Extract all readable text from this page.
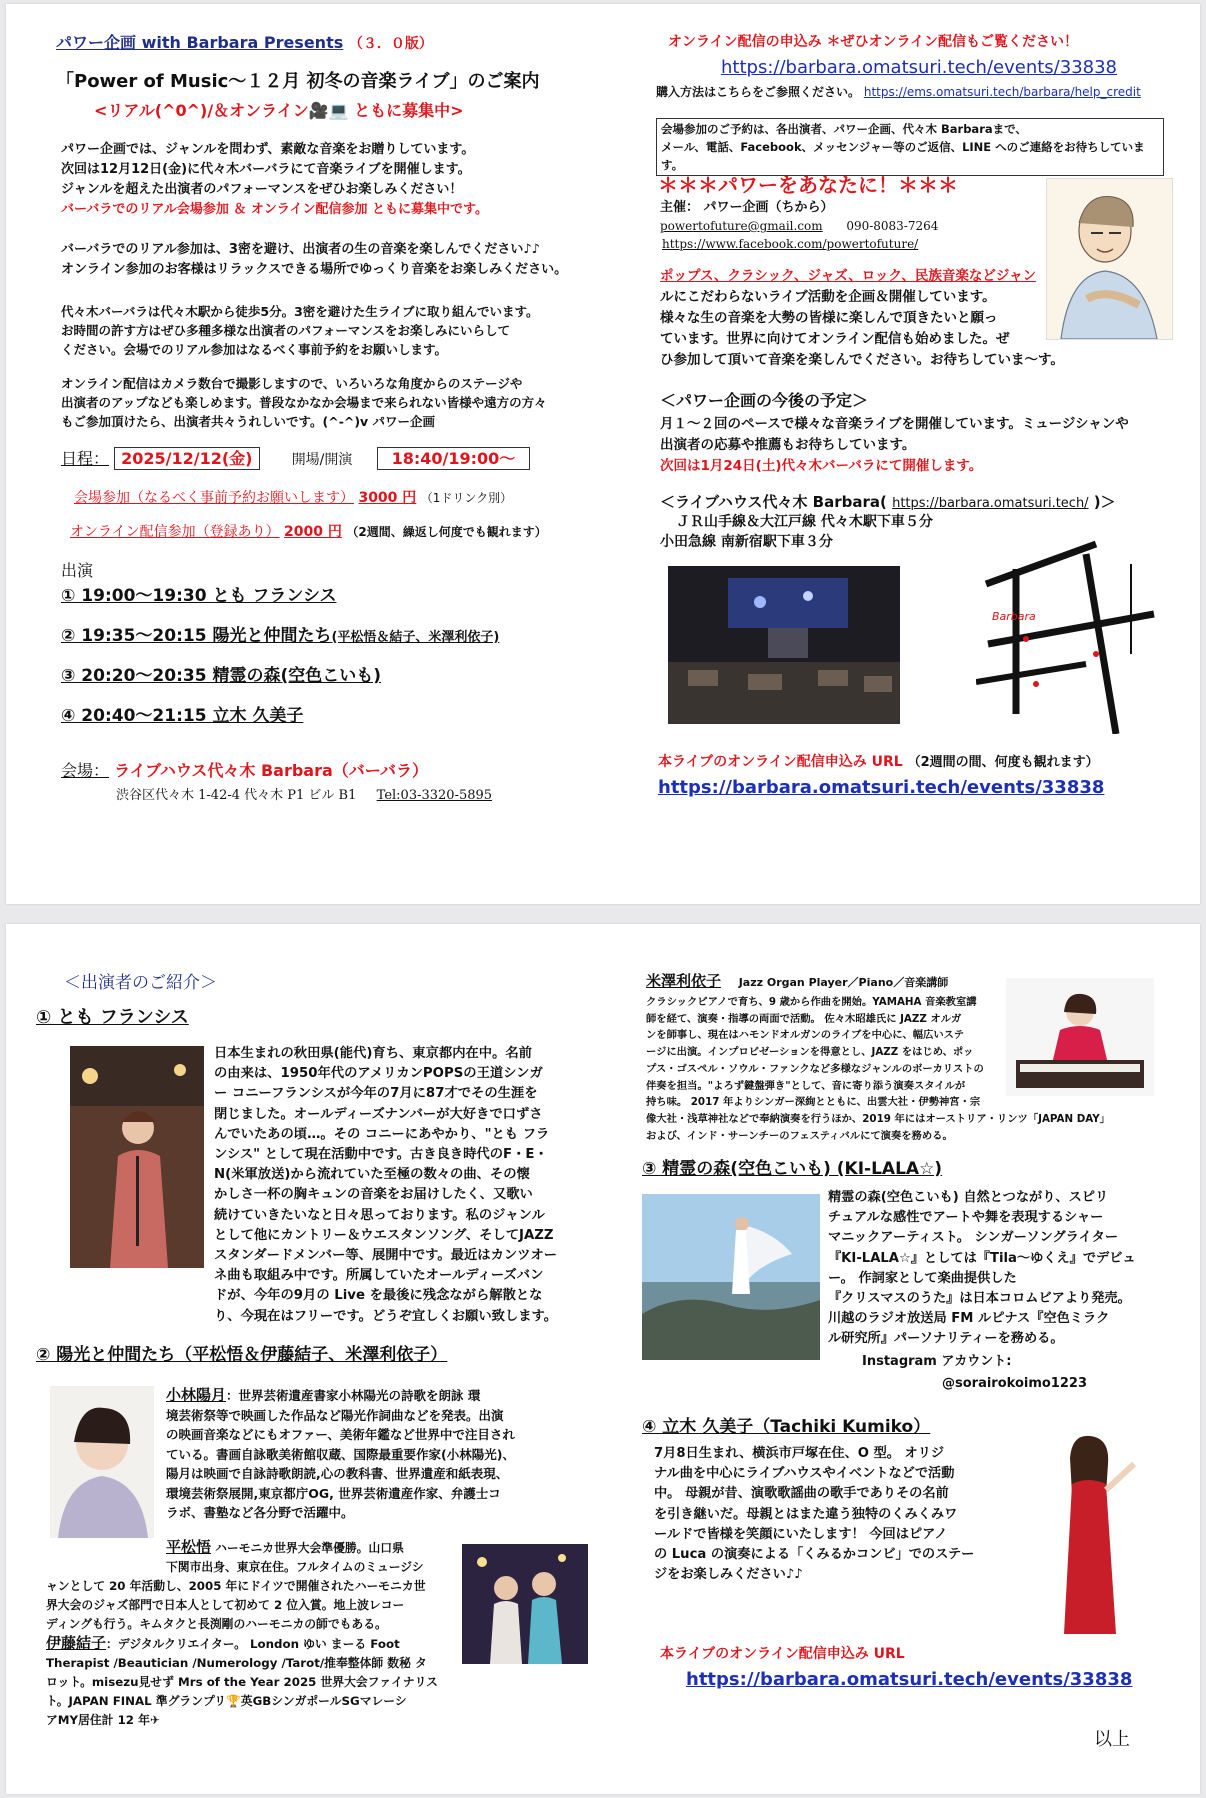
パワー企画 with Barbara Presents （３．０版）
「Power of Music～１２月 初冬の音楽ライブ」のご案内
<リアル(^0^)/＆オンライン🎥💻 ともに募集中>
パワー企画では、ジャンルを問わず、素敵な音楽をお贈りしています。
次回は12月12日(金)に代々木バーバラにて音楽ライブを開催します。
ジャンルを超えた出演者のパフォーマンスをぜひお楽しみください！
バーバラでのリアル会場参加 ＆ オンライン配信参加 ともに募集中です。
バーバラでのリアル参加は、3密を避け、出演者の生の音楽を楽しんでください♪♪
オンライン参加のお客様はリラックスできる場所でゆっくり音楽をお楽しみください。
代々木バーバラは代々木駅から徒歩5分。3密を避けた生ライブに取り組んでいます。
お時間の許す方はぜひ多種多様な出演者のパフォーマンスをお楽しみにいらして
ください。会場でのリアル参加はなるべく事前予約をお願いします。
オンライン配信はカメラ数台で撮影しますので、いろいろな角度からのステージや
出演者のアップなども楽しめます。普段なかなか会場まで来られない皆様や遠方の方々
もご参加頂けたら、出演者共々うれしいです。(^-^)v パワー企画
日程： 2025/12/12(金)	開場/開演 18:40/19:00～
会場参加（なるべく事前予約お願いします） 3000 円 （1ドリンク別）
オンライン配信参加（登録あり） 2000 円 （2週間、繰返し何度でも観れます）
出演
① 19:00～19:30 とも フランシス
② 19:35～20:15 陽光と仲間たち(平松悟＆結子、米澤利依子)
③ 20:20～20:35 精霊の森(空色こいも)
④ 20:40～21:15 立木 久美子
会場： ライブハウス代々木 Barbara（バーバラ）
渋谷区代々木 1-42-4 代々木 P1 ビル B1 Tel:03-3320-5895
オンライン配信の申込み ＊ぜひオンライン配信もご覧ください！
https://barbara.omatsuri.tech/events/33838
購入方法はこちらをご参照ください。 https://ems.omatsuri.tech/barbara/help_credit
会場参加のご予約は、各出演者、パワー企画、代々木 Barbaraまで、
メール、電話、Facebook、メッセンジャー等のご返信、LINE へのご連絡をお待ちしています。
＊＊＊パワーをあなたに！＊＊＊
主催： パワー企画（ちから）
powertofuture@gmail.com 090-8083-7264
https://www.facebook.com/powertofuture/
ポップス、クラシック、ジャズ、ロック、民族音楽などジャン
ルにこだわらないライブ活動を企画＆開催しています。
様々な生の音楽を大勢の皆様に楽しんで頂きたいと願っ
ています。世界に向けてオンライン配信も始めました。ぜ
ひ参加して頂いて音楽を楽しんでください。お待ちしていま～す。
＜パワー企画の今後の予定＞
月１～２回のペースで様々な音楽ライブを開催しています。ミュージシャンや
出演者の応募や推薦もお待ちしています。
次回は1月24日(土)代々木バーバラにて開催します。
＜ライブハウス代々木 Barbara( https://barbara.omatsuri.tech/ )＞
ＪＲ山手線＆大江戸線 代々木駅下車５分
小田急線 南新宿駅下車３分
Barbara
本ライブのオンライン配信申込み URL （2週間の間、何度も観れます）
https://barbara.omatsuri.tech/events/33838
＜出演者のご紹介＞
① とも フランシス
日本生まれの秋田県(能代)育ち、東京都内在中。名前
の由来は、1950年代のアメリカンPOPSの王道シンガ
ー コニーフランシスが今年の7月に87才でその生涯を
閉じました。オールディーズナンバーが大好きで口ずさ
んでいたあの頃…。その コニーにあやかり、"とも フラ
ンシス" として現在活動中です。古き良き時代のF・E・
N(米軍放送)から流れていた至極の数々の曲、その懐
かしさ一杯の胸キュンの音楽をお届けしたく、又歌い
続けていきたいなと日々思っております。私のジャンル
として他にカントリー＆ウエスタンソング、そしてJAZZ
スタンダードメンバー等、展開中です。最近はカンツオー
ネ曲も取組み中です。所属していたオールディーズバン
ドが、今年の9月の Live を最後に残念ながら解散とな
り、今現在はフリーです。どうぞ宜しくお願い致します。
② 陽光と仲間たち（平松悟＆伊藤結子、米澤利依子）
小林陽月：世界芸術遺産書家小林陽光の詩歌を朗詠 環
境芸術祭等で映画した作品など陽光作詞曲などを発表。出演
の映画音楽などにもオファー、美術年鑑など世界中で注目され
ている。書画自詠歌美術館収蔵、国際最重要作家(小林陽光)、
陽月は映画で自詠詩歌朗読,心の教科書、世界遺産和紙表現、
環境芸術祭展開,東京都庁OG, 世界芸術遺産作家、弁護士コ
ラボ、書塾など各分野で活躍中。
平松悟 ハーモニカ世界大会準優勝。山口県
下関市出身、東京在住。フルタイムのミュージシ
ャンとして 20 年活動し、2005 年にドイツで開催されたハーモニカ世
界大会のジャズ部門で日本人として初めて 2 位入賞。地上波レコー
ディングも行う。キムタクと長渕剛のハーモニカの師でもある。
伊藤結子：デジタルクリエイター。 London ゆい まーる Foot
Therapist /Beautician /Numerology /Tarot/推奉整体師 数秘 タ
ロット。misezu見せず Mrs of the Year 2025 世界大会ファイナリス
ト。JAPAN FINAL 準グランプリ🏆英GBシンガポールSGマレーシ
アMY居住計 12 年✈
米澤利依子 Jazz Organ Player／Piano／音楽講師
クラシックピアノで育ち、9 歳から作曲を開始。YAMAHA 音楽教室講
師を経て、演奏・指導の両面で活動。 佐々木昭雄氏に JAZZ オルガ
ンを師事し、現在はハモンドオルガンのライブを中心に、幅広いステ
ージに出演。インプロビゼーションを得意とし、JAZZ をはじめ、ポッ
プス・ゴスペル・ソウル・ファンクなど多様なジャンルのボーカリストの
伴奏を担当。"よろず鍵盤弾き"として、音に寄り添う演奏スタイルが
持ち味。 2017 年よりシンガー深絢とともに、出雲大社・伊勢神宮・宗
像大社・浅草神社などで奉納演奏を行うほか、2019 年にはオーストリア・リンツ「JAPAN DAY」
および、インド・サーンチーのフェスティバルにて演奏を務める。
③ 精霊の森(空色こいも) (KI-LALA☆)
精霊の森(空色こいも) 自然とつながり、スピリ
チュアルな感性でアートや舞を表現するシャー
マニックアーティスト。 シンガーソングライター
『KI-LALA☆』としては『Tila～ゆくえ』でデビュ
ー。 作詞家として楽曲提供した
『クリスマスのうた』は日本コロムビアより発売。
川越のラジオ放送局 FM ルピナス『空色ミラク
ル研究所』パーソナリティーを務める。
Instagram アカウント:
@sorairokoimo1223
④ 立木 久美子（Tachiki Kumiko）
7月8日生まれ、横浜市戸塚在住、O 型。 オリジ
ナル曲を中心にライブハウスやイベントなどで活動
中。 母親が昔、演歌歌謡曲の歌手でありその名前
を引き継いだ。母親とはまた違う独特のくみくみワ
ールドで皆様を笑顔にいたします！ 今回はピアノ
の Luca の演奏による「くみるかコンビ」でのステー
ジをお楽しみください♪♪
本ライブのオンライン配信申込み URL
https://barbara.omatsuri.tech/events/33838
以上
